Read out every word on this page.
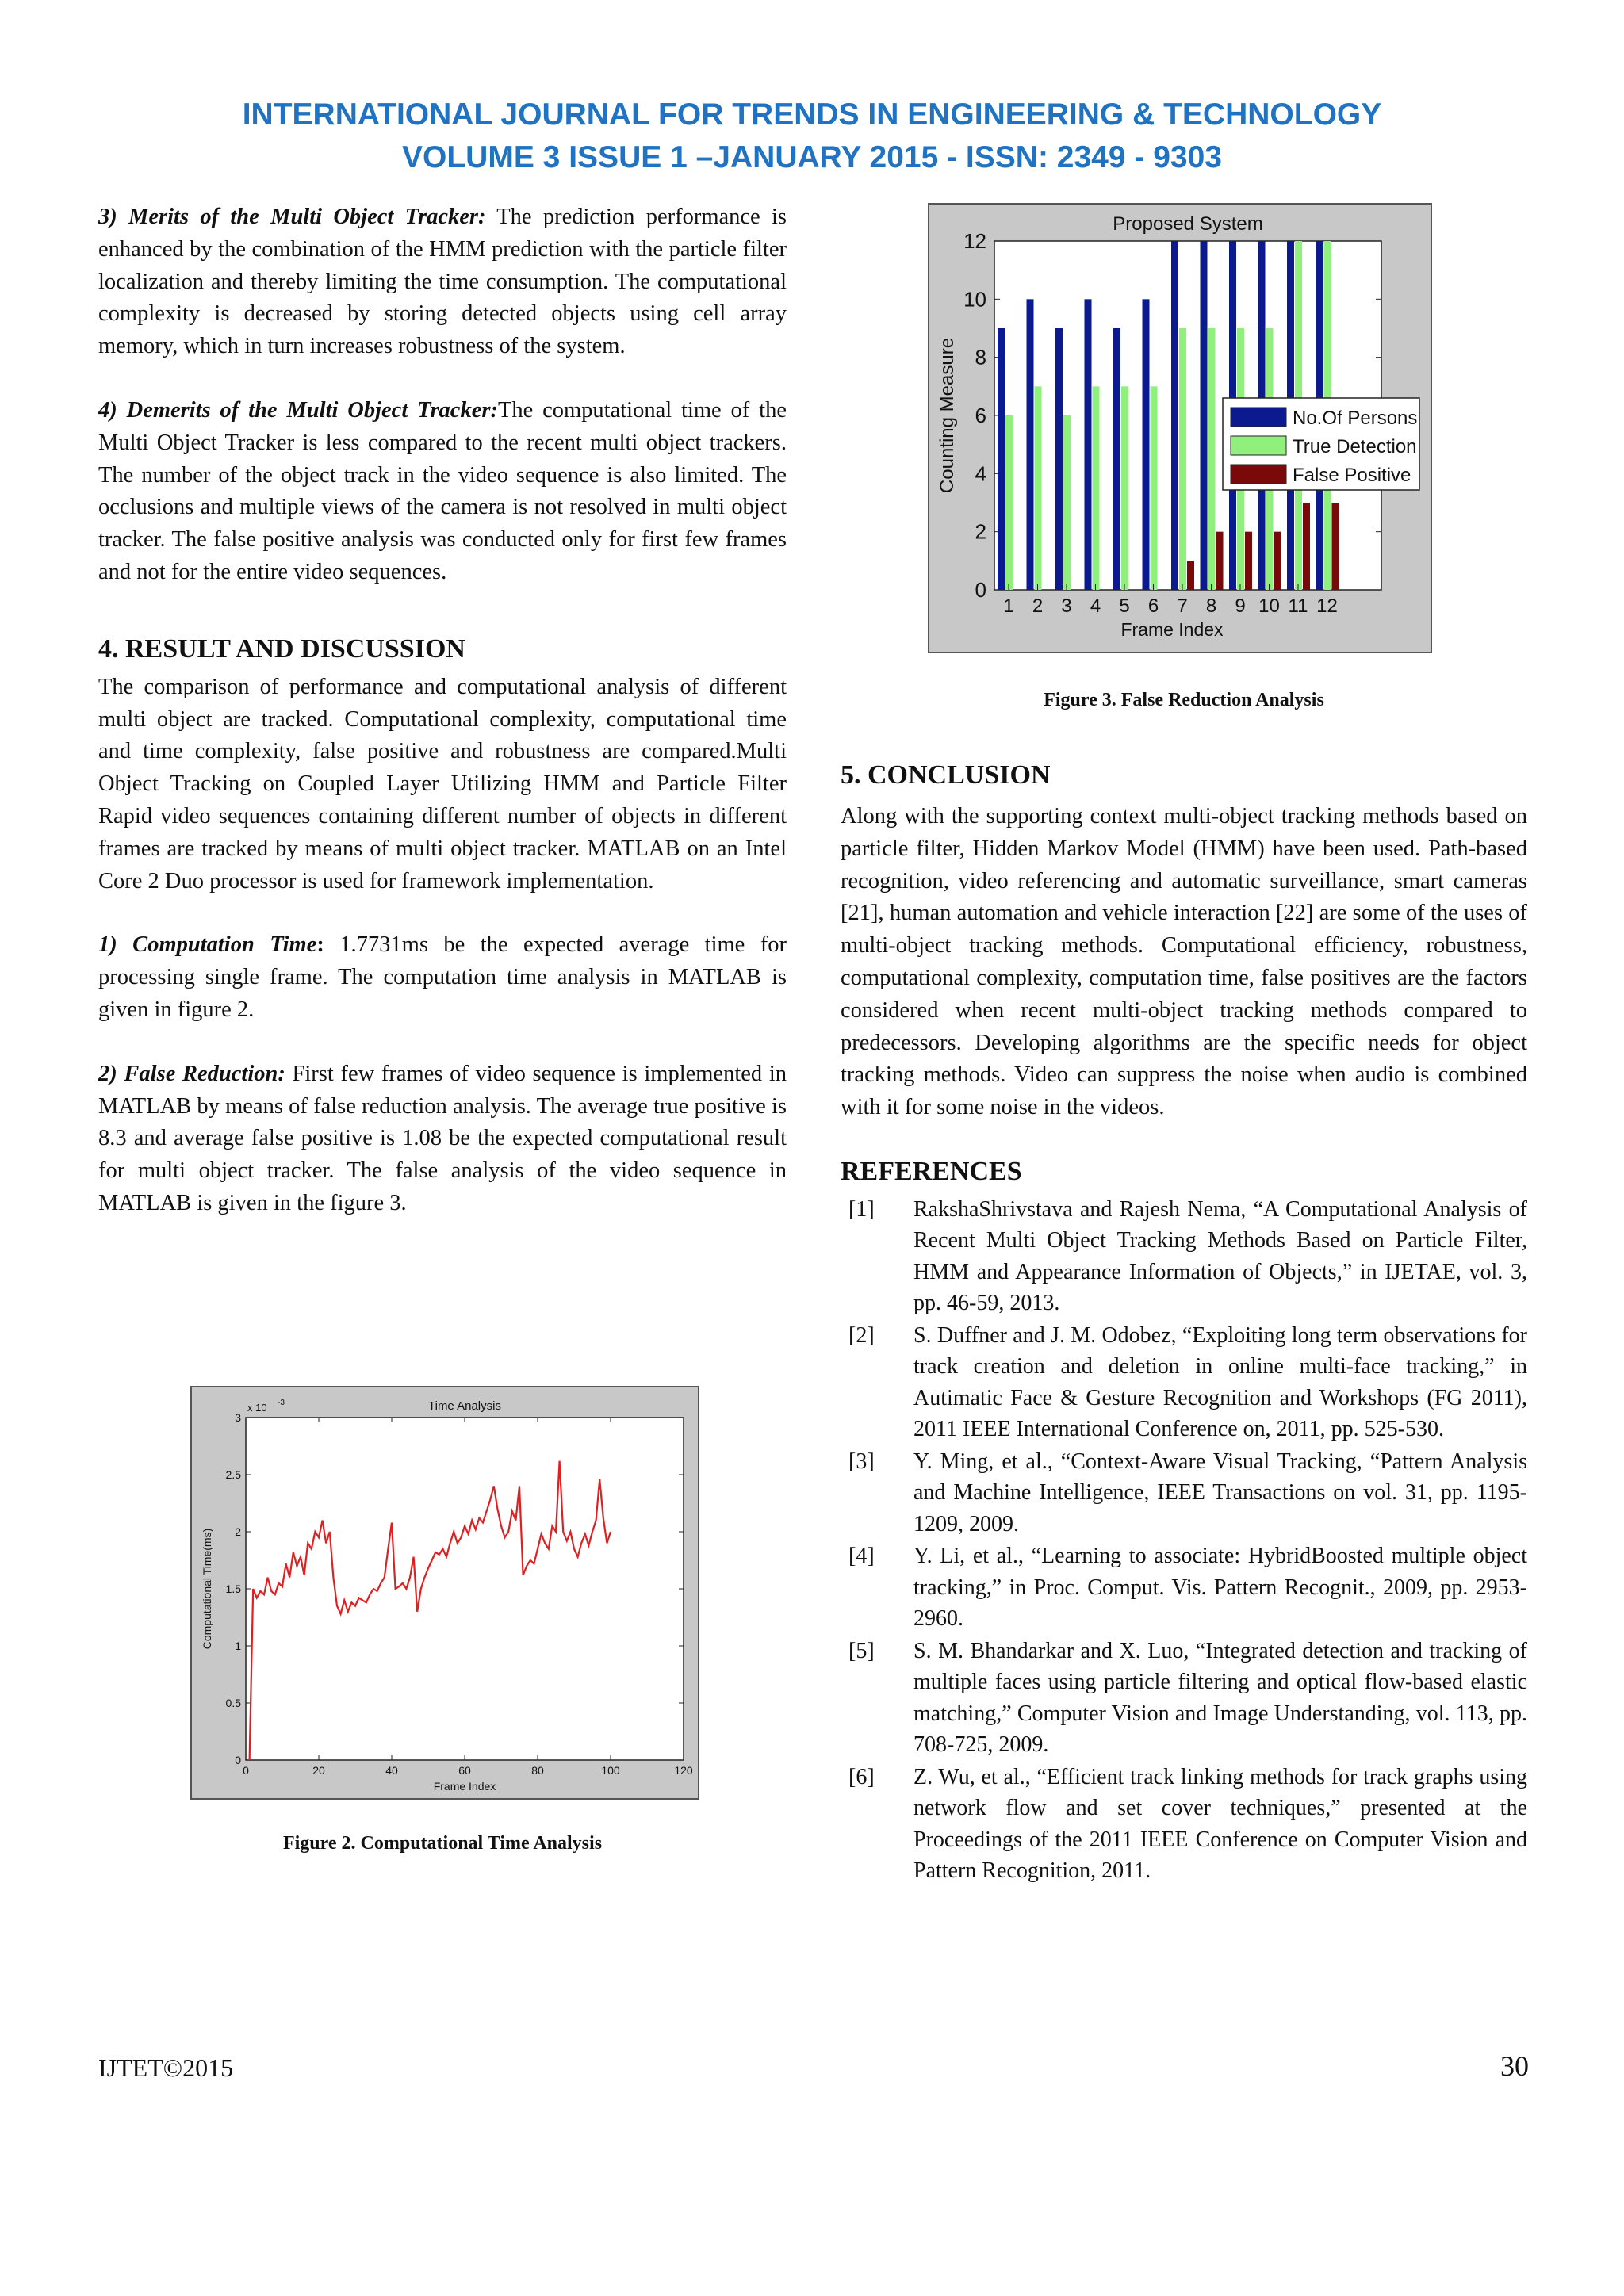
INTERNATIONAL JOURNAL FOR TRENDS IN ENGINEERING & TECHNOLOGY
VOLUME 3 ISSUE 1 –JANUARY 2015 - ISSN: 2349 - 9303

3) Merits of the Multi Object Tracker: The prediction performance is enhanced by the combination of the HMM prediction with the particle filter localization and thereby limiting the time consumption. The computational complexity is decreased by storing detected objects using cell array memory, which in turn increases robustness of the system.

4) Demerits of the Multi Object Tracker:The computational time of the Multi Object Tracker is less compared to the recent multi object trackers. The number of the object track in the video sequence is also limited. The occlusions and multiple views of the camera is not resolved in multi object tracker. The false positive analysis was conducted only for first few frames and not for the entire video sequences.

4. RESULT AND DISCUSSION

The comparison of performance and computational analysis of different multi object are tracked. Computational complexity, computational time and time complexity, false positive and robustness are compared.Multi Object Tracking on Coupled Layer Utilizing HMM and Particle Filter Rapid video sequences containing different number of objects in different frames are tracked by means of multi object tracker. MATLAB on an Intel Core 2 Duo processor is used for framework implementation.

1) Computation Time: 1.7731ms be the expected average time for processing single frame. The computation time analysis in MATLAB is given in figure 2.

2) False Reduction: First few frames of video sequence is implemented in MATLAB by means of false reduction analysis. The average true positive is 8.3 and average false positive is 1.08 be the expected computational result for multi object tracker. The false analysis of the video sequence in MATLAB is given in the figure 3.

Time Analysis
x 10 -3
0	20	40	60	80	100	120
0
0.5
1
1.5
2
2.5
3
Frame Index
Computational Time(ms)
Figure 2. Computational Time Analysis
Proposed System
0
2
4
6
8
10
12
Counting Measure
1 2 3 4 5 6 7 8 9 10 11 12
Frame Index
No.Of Persons
True Detection
False Positive
Figure 3. False Reduction Analysis

5. CONCLUSION

Along with the supporting context multi-object tracking methods based on particle filter, Hidden Markov Model (HMM) have been used. Path-based recognition, video referencing and automatic surveillance, smart cameras [21], human automation and vehicle interaction [22] are some of the uses of multi-object tracking methods. Computational efficiency, robustness, computational complexity, computation time, false positives are the factors considered when recent multi-object tracking methods compared to predecessors. Developing algorithms are the specific needs for object tracking methods. Video can suppress the noise when audio is combined with it for some noise in the videos.

REFERENCES

[1]	RakshaShrivstava and Rajesh Nema, “A Computational Analysis of Recent Multi Object Tracking Methods Based on Particle Filter, HMM and Appearance Information of Objects,” in IJETAE, vol. 3, pp. 46-59, 2013.
[2]	S. Duffner and J. M. Odobez, “Exploiting long term observations for track creation and deletion in online multi-face tracking,” in Autimatic Face & Gesture Recognition and Workshops (FG 2011), 2011 IEEE International Conference on, 2011, pp. 525-530.
[3]	Y. Ming, et al., “Context-Aware Visual Tracking, “Pattern Analysis and Machine Intelligence, IEEE Transactions on vol. 31, pp. 1195-1209, 2009.
[4]	Y. Li, et al., “Learning to associate: HybridBoosted multiple object tracking,” in Proc. Comput. Vis. Pattern Recognit., 2009, pp. 2953-2960.
[5]	S. M. Bhandarkar and X. Luo, “Integrated detection and tracking of multiple faces using particle filtering and optical flow-based elastic matching,” Computer Vision and Image Understanding, vol. 113, pp. 708-725, 2009.
[6]	Z. Wu, et al., “Efficient track linking methods for track graphs using network flow and set cover techniques,” presented at the Proceedings of the 2011 IEEE Conference on Computer Vision and Pattern Recognition, 2011.
IJTET©2015	30
